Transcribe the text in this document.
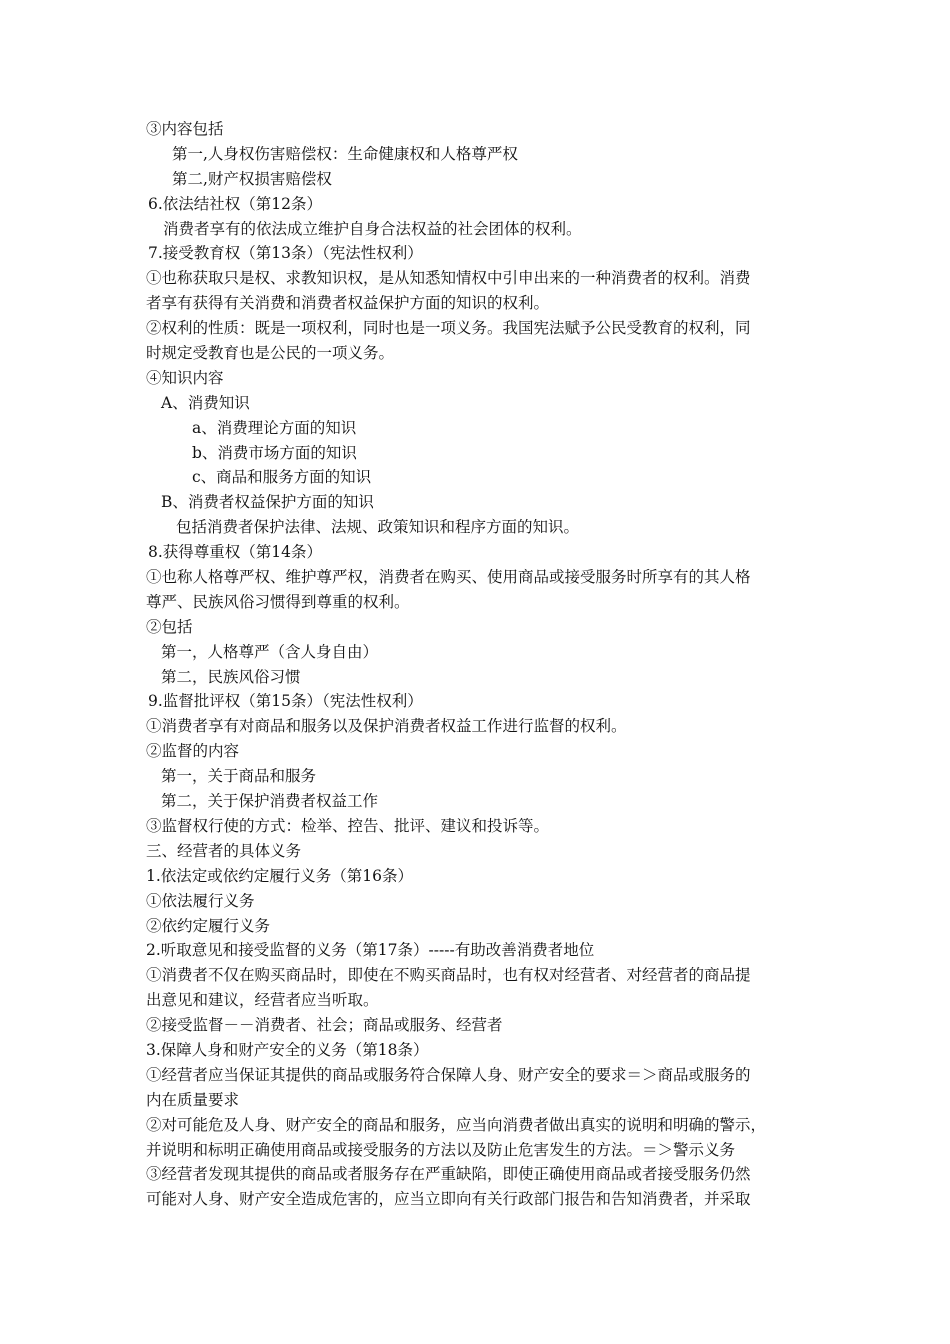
③内容包括
第一,人身权伤害赔偿权：生命健康权和人格尊严权
第二,财产权损害赔偿权
6.依法结社权（第12条）
消费者享有的依法成立维护自身合法权益的社会团体的权利。
7.接受教育权（第13条）（宪法性权利）
①也称获取只是权、求教知识权，是从知悉知情权中引申出来的一种消费者的权利。消费
者享有获得有关消费和消费者权益保护方面的知识的权利。
②权利的性质：既是一项权利，同时也是一项义务。我国宪法赋予公民受教育的权利，同
时规定受教育也是公民的一项义务。
④知识内容
A、消费知识
a、消费理论方面的知识
b、消费市场方面的知识
c、商品和服务方面的知识
B、消费者权益保护方面的知识
包括消费者保护法律、法规、政策知识和程序方面的知识。
8.获得尊重权（第14条）
①也称人格尊严权、维护尊严权，消费者在购买、使用商品或接受服务时所享有的其人格
尊严、民族风俗习惯得到尊重的权利。
②包括
第一，人格尊严（含人身自由）
第二，民族风俗习惯
9.监督批评权（第15条）（宪法性权利）
①消费者享有对商品和服务以及保护消费者权益工作进行监督的权利。
②监督的内容
第一，关于商品和服务
第二，关于保护消费者权益工作
③监督权行使的方式：检举、控告、批评、建议和投诉等。
三、经营者的具体义务
1.依法定或依约定履行义务（第16条）
①依法履行义务
②依约定履行义务
2.听取意见和接受监督的义务（第17条）-----有助改善消费者地位
①消费者不仅在购买商品时，即使在不购买商品时，也有权对经营者、对经营者的商品提
出意见和建议，经营者应当听取。
②接受监督－－消费者、社会；商品或服务、经营者
3.保障人身和财产安全的义务（第18条）
①经营者应当保证其提供的商品或服务符合保障人身、财产安全的要求＝＞商品或服务的
内在质量要求
②对可能危及人身、财产安全的商品和服务，应当向消费者做出真实的说明和明确的警示，
并说明和标明正确使用商品或接受服务的方法以及防止危害发生的方法。＝＞警示义务
③经营者发现其提供的商品或者服务存在严重缺陷，即使正确使用商品或者接受服务仍然
可能对人身、财产安全造成危害的，应当立即向有关行政部门报告和告知消费者，并采取
